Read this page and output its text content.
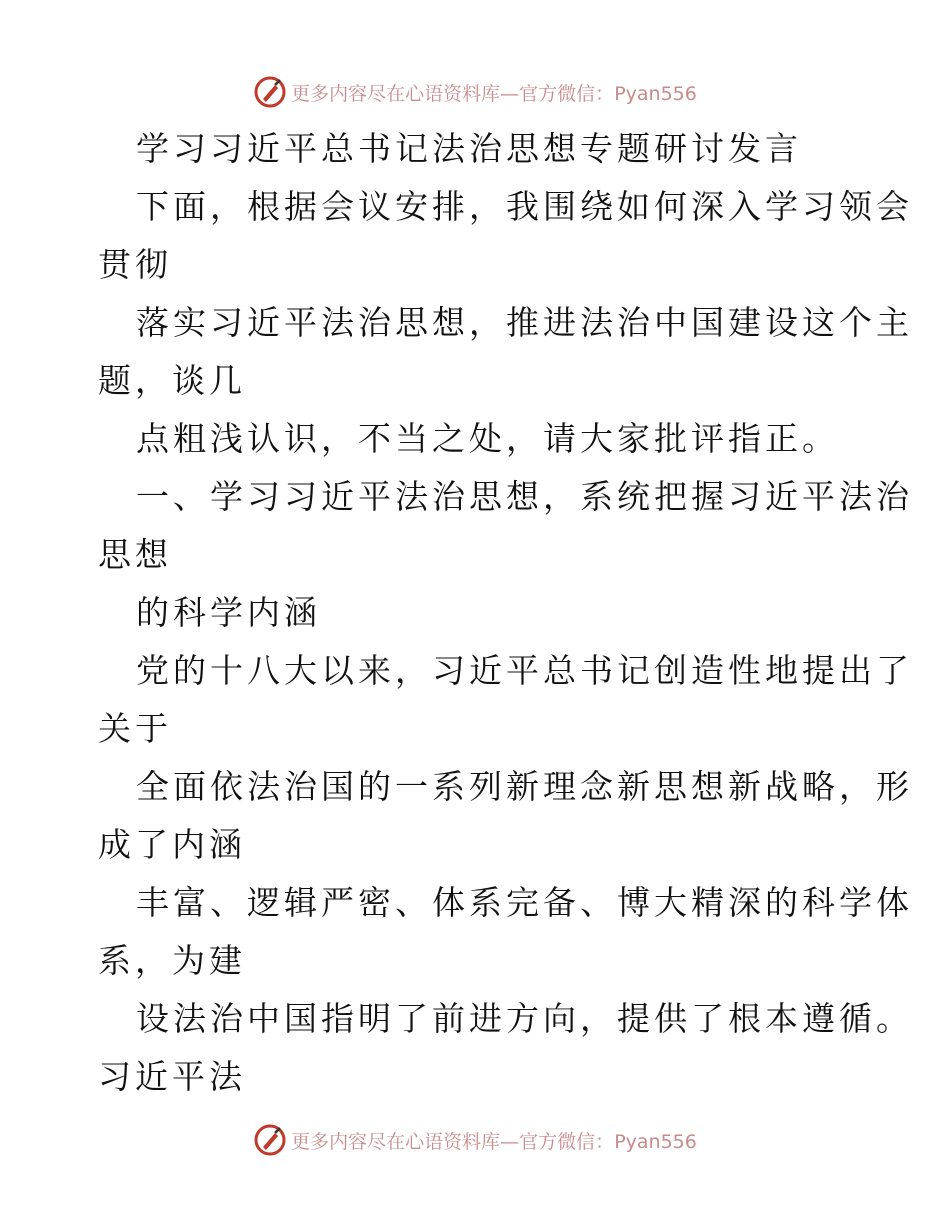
更多内容尽在心语资料库—官方微信：Pyan556
学习习近平总书记法治思想专题研讨发言
下面，根据会议安排，我围绕如何深入学习领会
贯彻
落实习近平法治思想，推进法治中国建设这个主
题，谈几
点粗浅认识，不当之处，请大家批评指正。
一、学习习近平法治思想，系统把握习近平法治
思想
的科学内涵
党的十八大以来，习近平总书记创造性地提出了
关于
全面依法治国的一系列新理念新思想新战略，形
成了内涵
丰富、逻辑严密、体系完备、博大精深的科学体
系，为建
设法治中国指明了前进方向，提供了根本遵循。
习近平法
更多内容尽在心语资料库—官方微信：Pyan556
